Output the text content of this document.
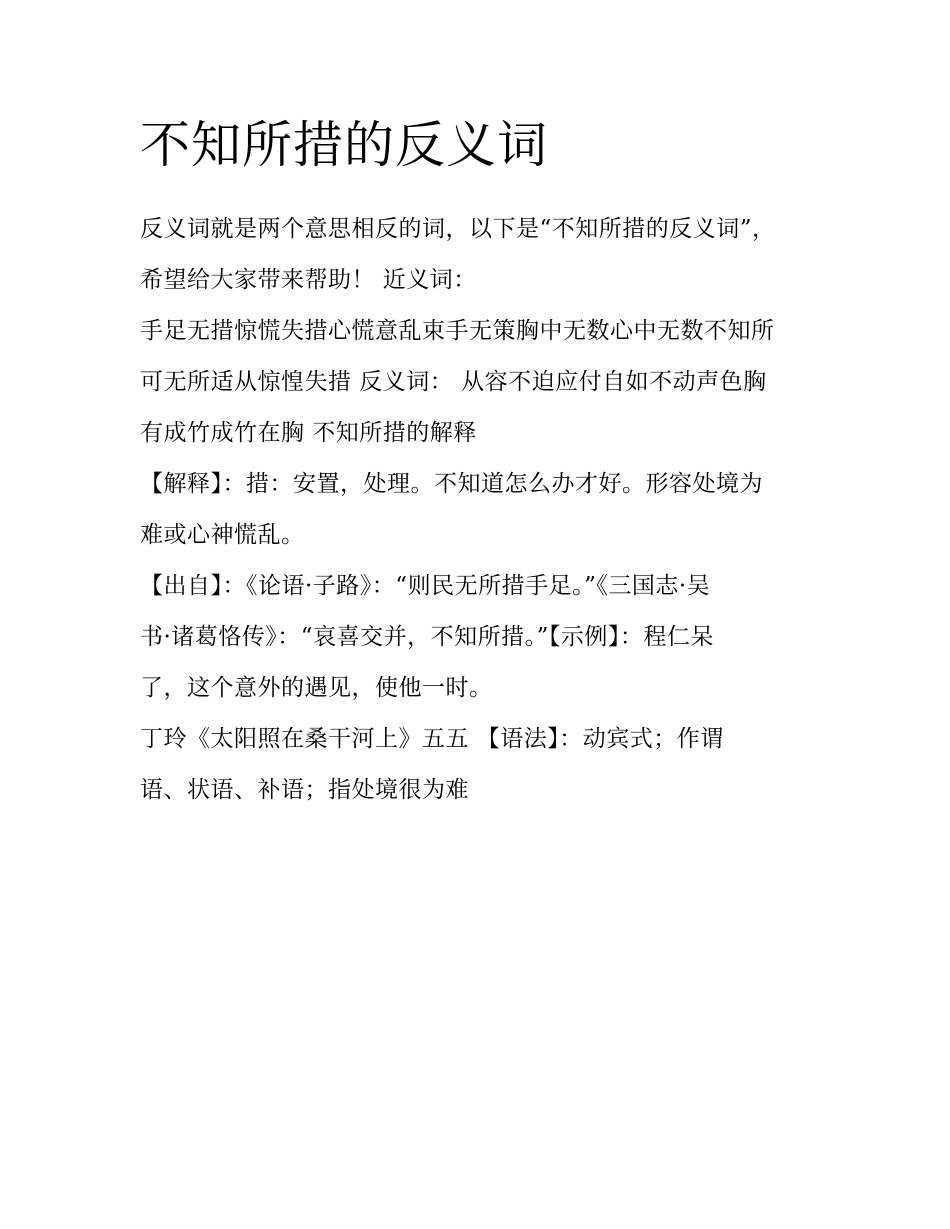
不知所措的反义词

反义词就是两个意思相反的词，以下是“不知所措的反义词”，

希望给大家带来帮助！ 近义词：

手足无措惊慌失措心慌意乱束手无策胸中无数心中无数不知所

可无所适从惊惶失措 反义词： 从容不迫应付自如不动声色胸

有成竹成竹在胸 不知所措的解释

【解释】：措：安置，处理。不知道怎么办才好。形容处境为

难或心神慌乱。

【出自】：《论语·子路》：“则民无所措手足。”《三国志·吴

书·诸葛恪传》：“哀喜交并，不知所措。”【示例】：程仁呆

了，这个意外的遇见，使他一时。

丁玲《太阳照在桑干河上》五五 【语法】：动宾式；作谓

语、状语、补语；指处境很为难
